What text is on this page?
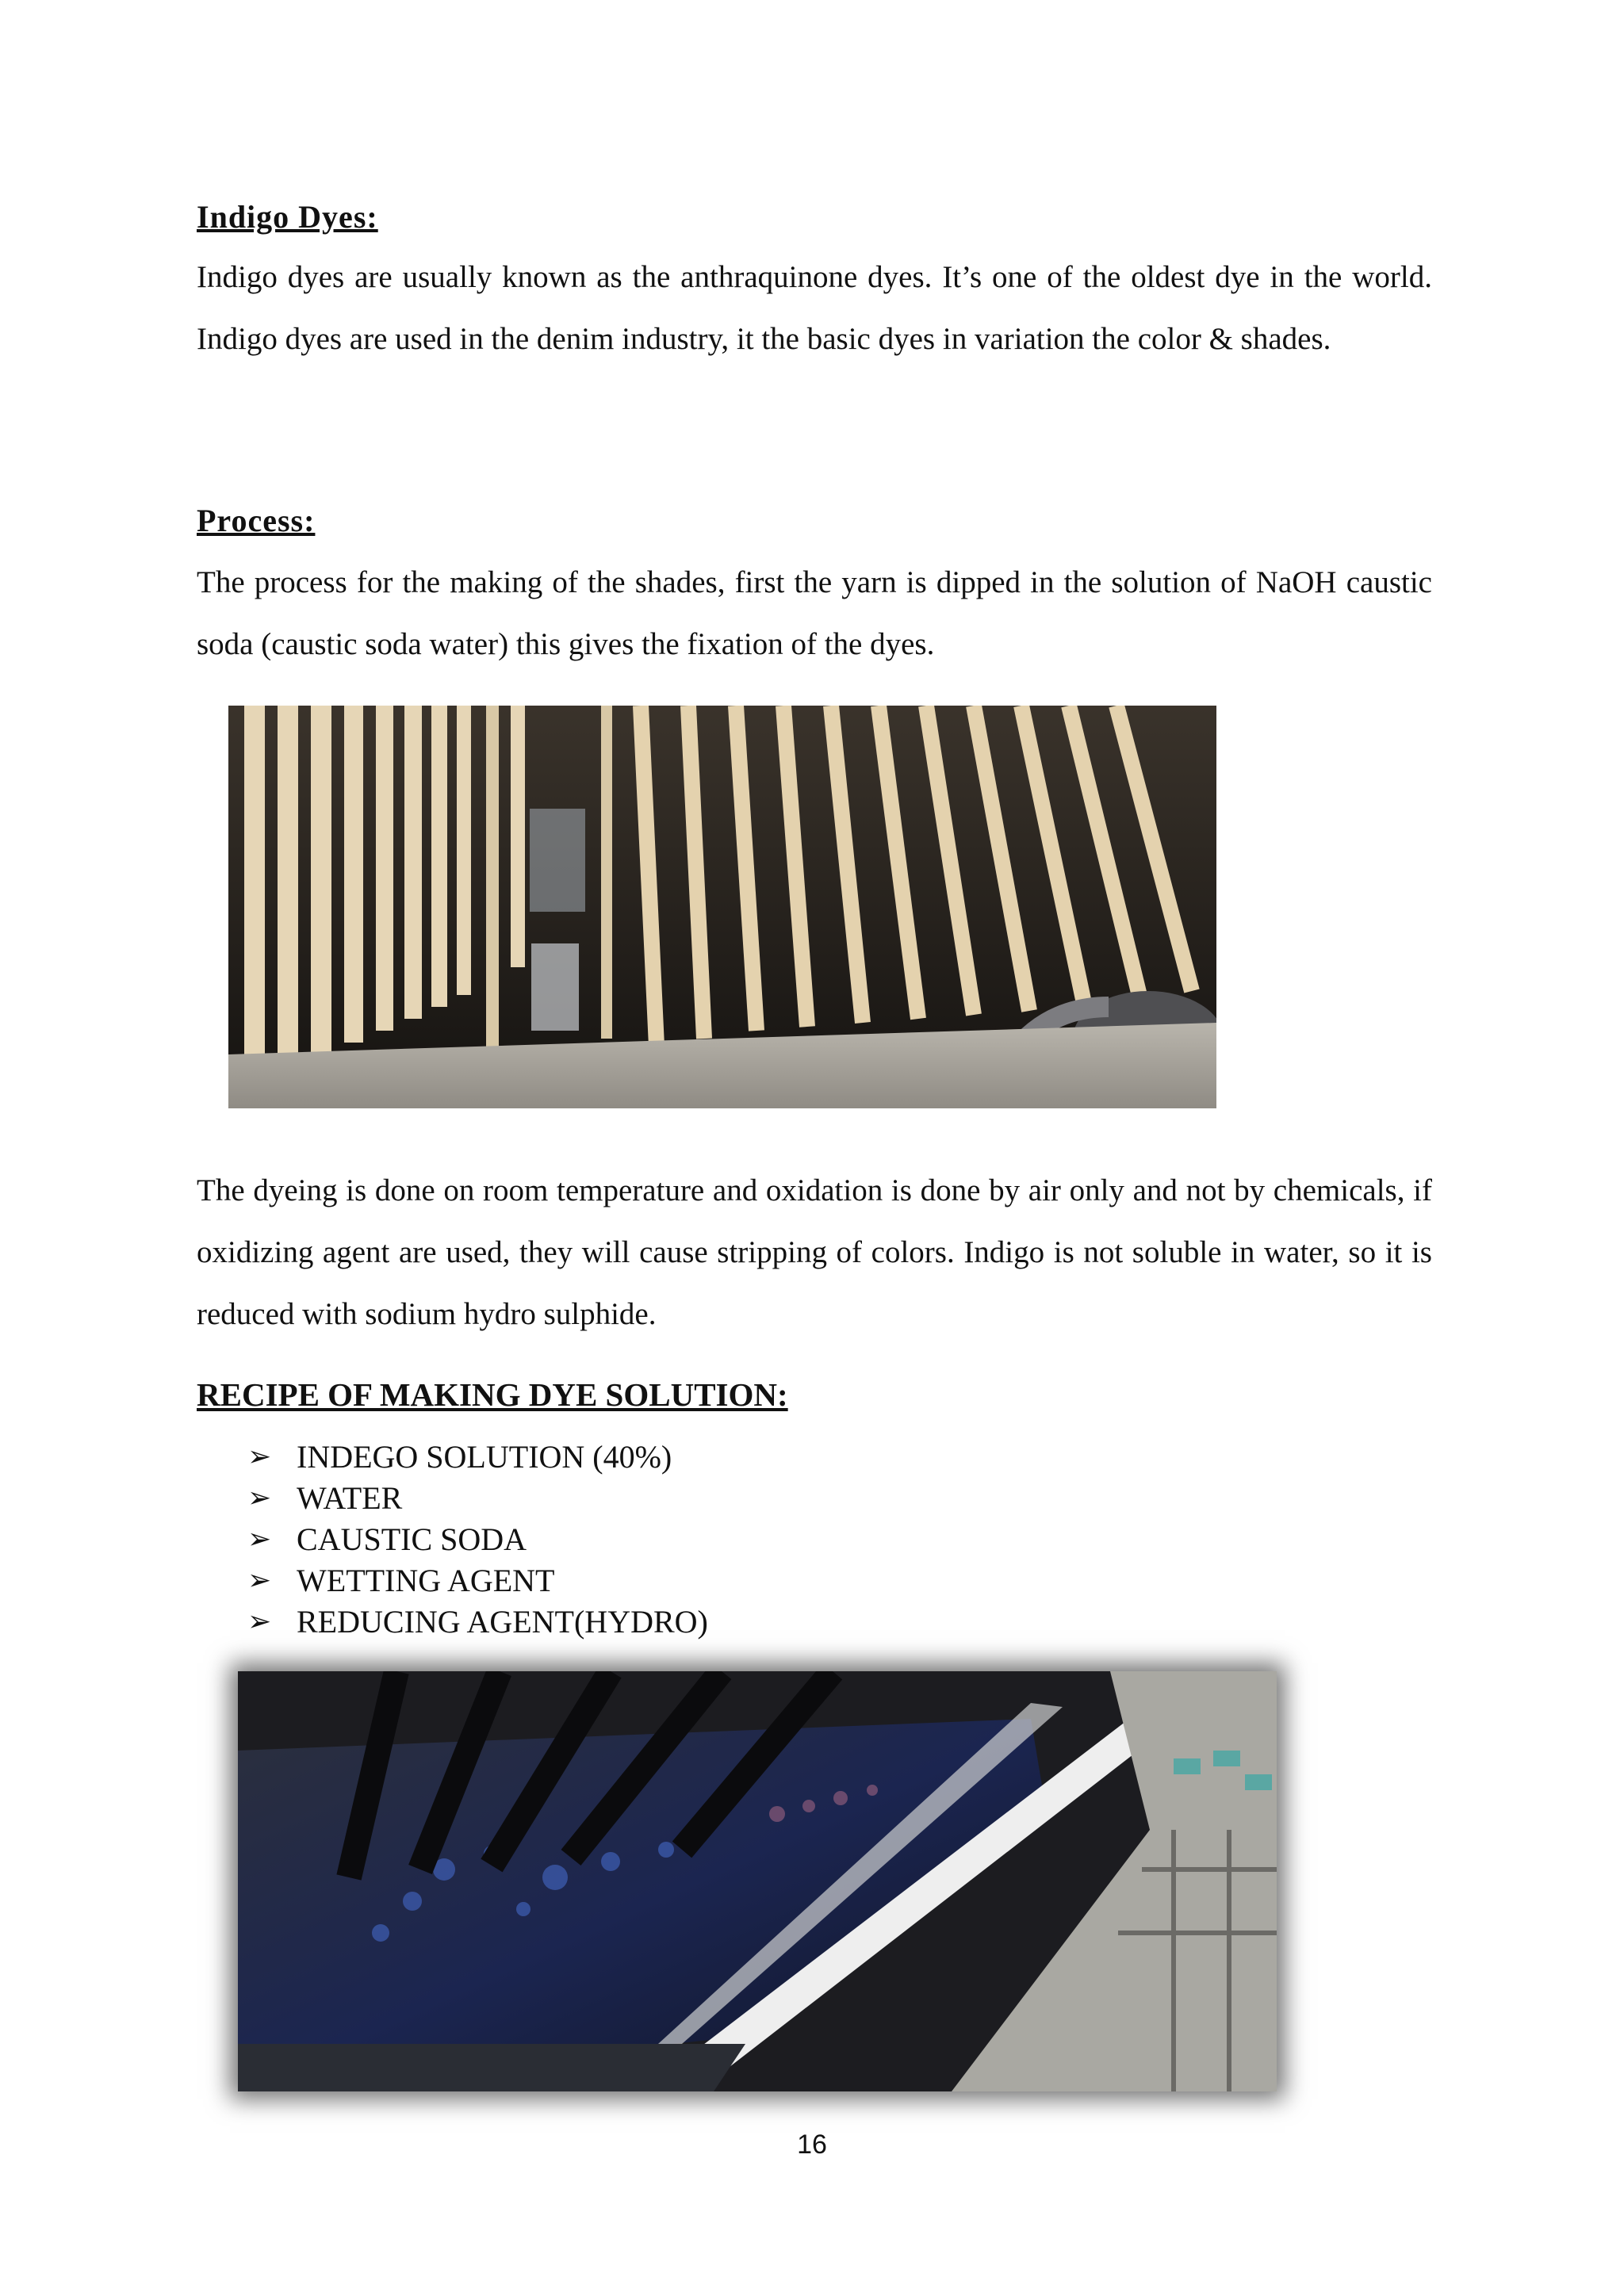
Indigo Dyes:
Indigo dyes are usually known as the anthraquinone dyes. It’s one of the oldest dye in the world. Indigo dyes are used in the denim industry, it the basic dyes in variation the color & shades.
Process:
The process for the making of the shades, first the yarn is dipped in the solution of NaOH caustic soda (caustic soda water) this gives the fixation of the dyes.
The dyeing is done on room temperature and oxidation is done by air only and not by chemicals, if oxidizing agent are used, they will cause stripping of colors. Indigo is not soluble in water, so it is reduced with sodium hydro sulphide.
RECIPE OF MAKING DYE SOLUTION:
➢ INDEGO SOLUTION (40%)
➢ WATER
➢ CAUSTIC SODA
➢ WETTING AGENT
➢ REDUCING AGENT(HYDRO)
16
